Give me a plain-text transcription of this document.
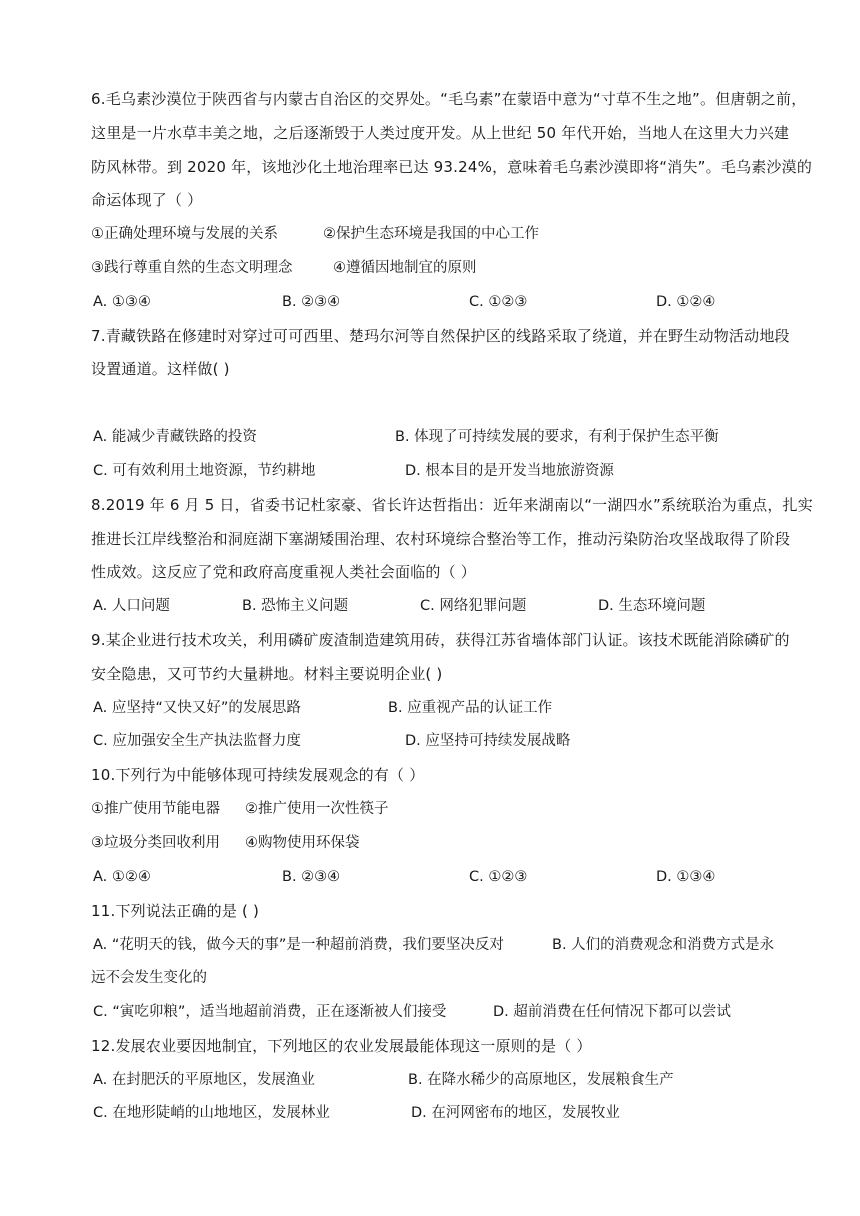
6.毛乌素沙漠位于陕西省与内蒙古自治区的交界处。“毛乌素”在蒙语中意为“寸草不生之地”。但唐朝之前，
这里是一片水草丰美之地，之后逐渐毁于人类过度开发。从上世纪 50 年代开始，当地人在这里大力兴建
防风林带。到 2020 年，该地沙化土地治理率已达 93.24%，意味着毛乌素沙漠即将“消失”。毛乌素沙漠的
命运体现了（ ）
①正确处理环境与发展的关系	②保护生态环境是我国的中心工作
③践行尊重自然的生态文明理念	④遵循因地制宜的原则
A. ①③④	B. ②③④	C. ①②③	D. ①②④
7.青藏铁路在修建时对穿过可可西里、楚玛尔河等自然保护区的线路采取了绕道，并在野生动物活动地段
设置通道。这样做( )
A. 能减少青藏铁路的投资	B. 体现了可持续发展的要求，有利于保护生态平衡
C. 可有效利用土地资源，节约耕地	D. 根本目的是开发当地旅游资源
8.2019 年 6 月 5 日，省委书记杜家豪、省长许达哲指出：近年来湖南以“一湖四水”系统联治为重点，扎实
推进长江岸线整治和洞庭湖下塞湖矮围治理、农村环境综合整治等工作，推动污染防治攻坚战取得了阶段
性成效。这反应了党和政府高度重视人类社会面临的（ ）
A. 人口问题	B. 恐怖主义问题	C. 网络犯罪问题	D. 生态环境问题
9.某企业进行技术攻关，利用磷矿废渣制造建筑用砖，获得江苏省墙体部门认证。该技术既能消除磷矿的
安全隐患，又可节约大量耕地。材料主要说明企业( )
A. 应坚持“又快又好”的发展思路	B. 应重视产品的认证工作
C. 应加强安全生产执法监督力度	D. 应坚持可持续发展战略
10.下列行为中能够体现可持续发展观念的有（ ）
①推广使用节能电器 ②推广使用一次性筷子
③垃圾分类回收利用 ④购物使用环保袋
A. ①②④	B. ②③④	C. ①②③	D. ①③④
11.下列说法正确的是 ( )
A. “花明天的钱，做今天的事”是一种超前消费，我们要坚决反对	B. 人们的消费观念和消费方式是永
远不会发生变化的
C. “寅吃卯粮”，适当地超前消费，正在逐渐被人们接受	D. 超前消费在任何情况下都可以尝试
12.发展农业要因地制宜，下列地区的农业发展最能体现这一原则的是（ ）
A. 在封肥沃的平原地区，发展渔业	B. 在降水稀少的高原地区，发展粮食生产
C. 在地形陡峭的山地地区，发展林业	D. 在河网密布的地区，发展牧业
